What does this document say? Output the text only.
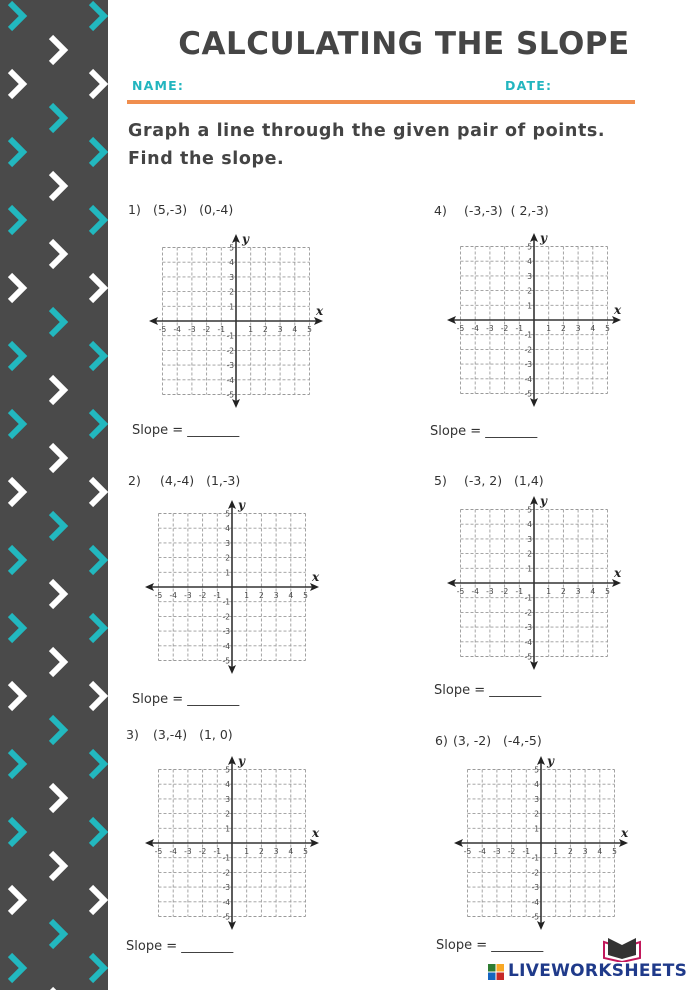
CALCULATING THE SLOPE
NAME:	DATE:
Graph a line through the given pair of points.
Find the slope.
1) (5,-3)   (0,-4)
-5 -4 -3 -2 -1	1 2 3 4 5
5
4
3
2
1
-1
-2
-3
-4
-5
x
y
Slope = ________
2) (4,-4)   (1,-3)
-5 -4 -3 -2 -1	1 2 3 4 5
5
4
3
2
1
-1
-2
-3
-4
-5
x
y
Slope = ________
3) (3,-4)   (1, 0)
-5 -4 -3 -2 -1	1 2 3 4 5
5
4
3
2
1
-1
-2
-3
-4
-5
x
y
Slope = ________
4) (-3,-3)  ( 2,-3)
-5 -4 -3 -2 -1	1 2 3 4 5
5
4
3
2
1
-1
-2
-3
-4
-5
x
y
Slope = ________
5) (-3, 2)   (1,4)
-5 -4 -3 -2 -1	1 2 3 4 5
5
4
3
2
1
-1
-2
-3
-4
-5
x
y
Slope = ________
6) (3, -2)   (-4,-5)
-5 -4 -3 -2 -1	1 2 3 4 5
5
4
3
2
1
-1
-2
-3
-4
-5
x
y
Slope = ________
LIVEWORKSHEETS
